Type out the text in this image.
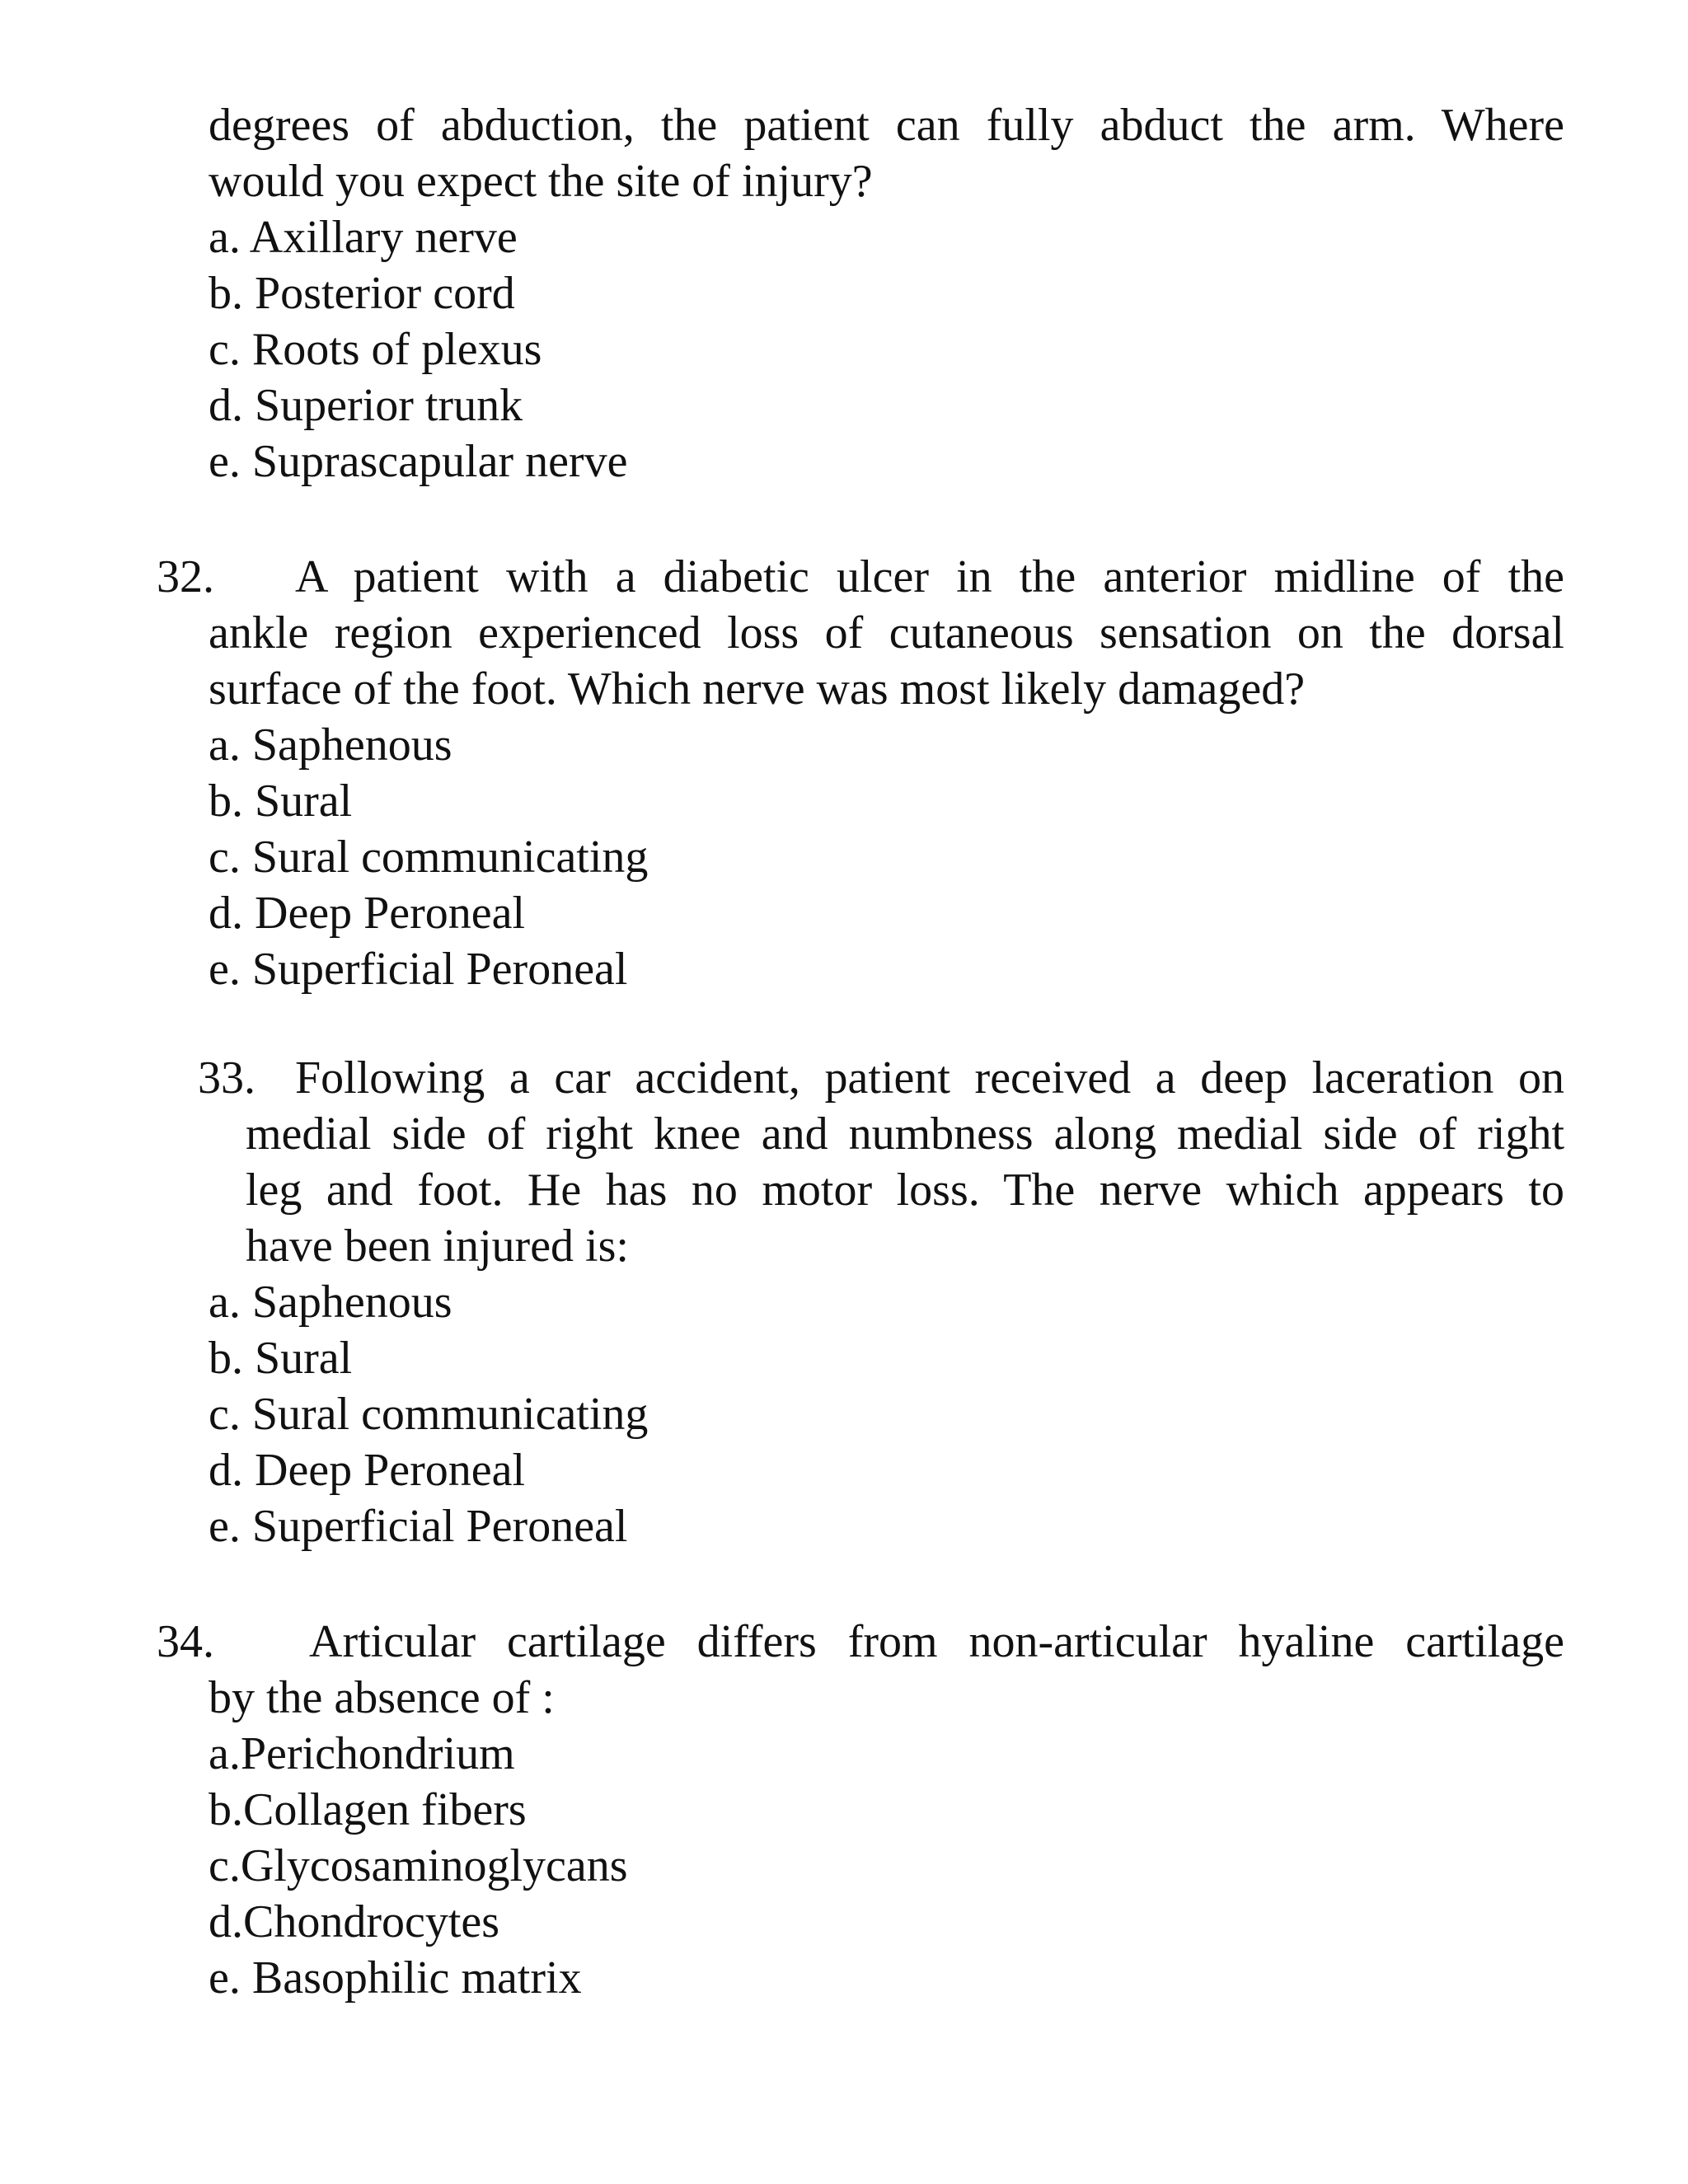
degrees of abduction, the patient can fully abduct the arm. Where
would you expect the site of injury?
a. Axillary nerve
b. Posterior cord
c. Roots of plexus
d. Superior trunk
e. Suprascapular nerve
32. A patient with a diabetic ulcer in the anterior midline of the
ankle region experienced loss of cutaneous sensation on the dorsal
surface of the foot. Which nerve was most likely damaged?
a. Saphenous
b. Sural
c. Sural communicating
d. Deep Peroneal
e. Superficial Peroneal
33. Following a car accident, patient received a deep laceration on
medial side of right knee and numbness along medial side of right
leg and foot. He has no motor loss. The nerve which appears to
have been injured is:
a. Saphenous
b. Sural
c. Sural communicating
d. Deep Peroneal
e. Superficial Peroneal
34. Articular cartilage differs from non-articular hyaline cartilage
by the absence of :
a.Perichondrium
b.Collagen fibers
c.Glycosaminoglycans
d.Chondrocytes
e. Basophilic matrix
